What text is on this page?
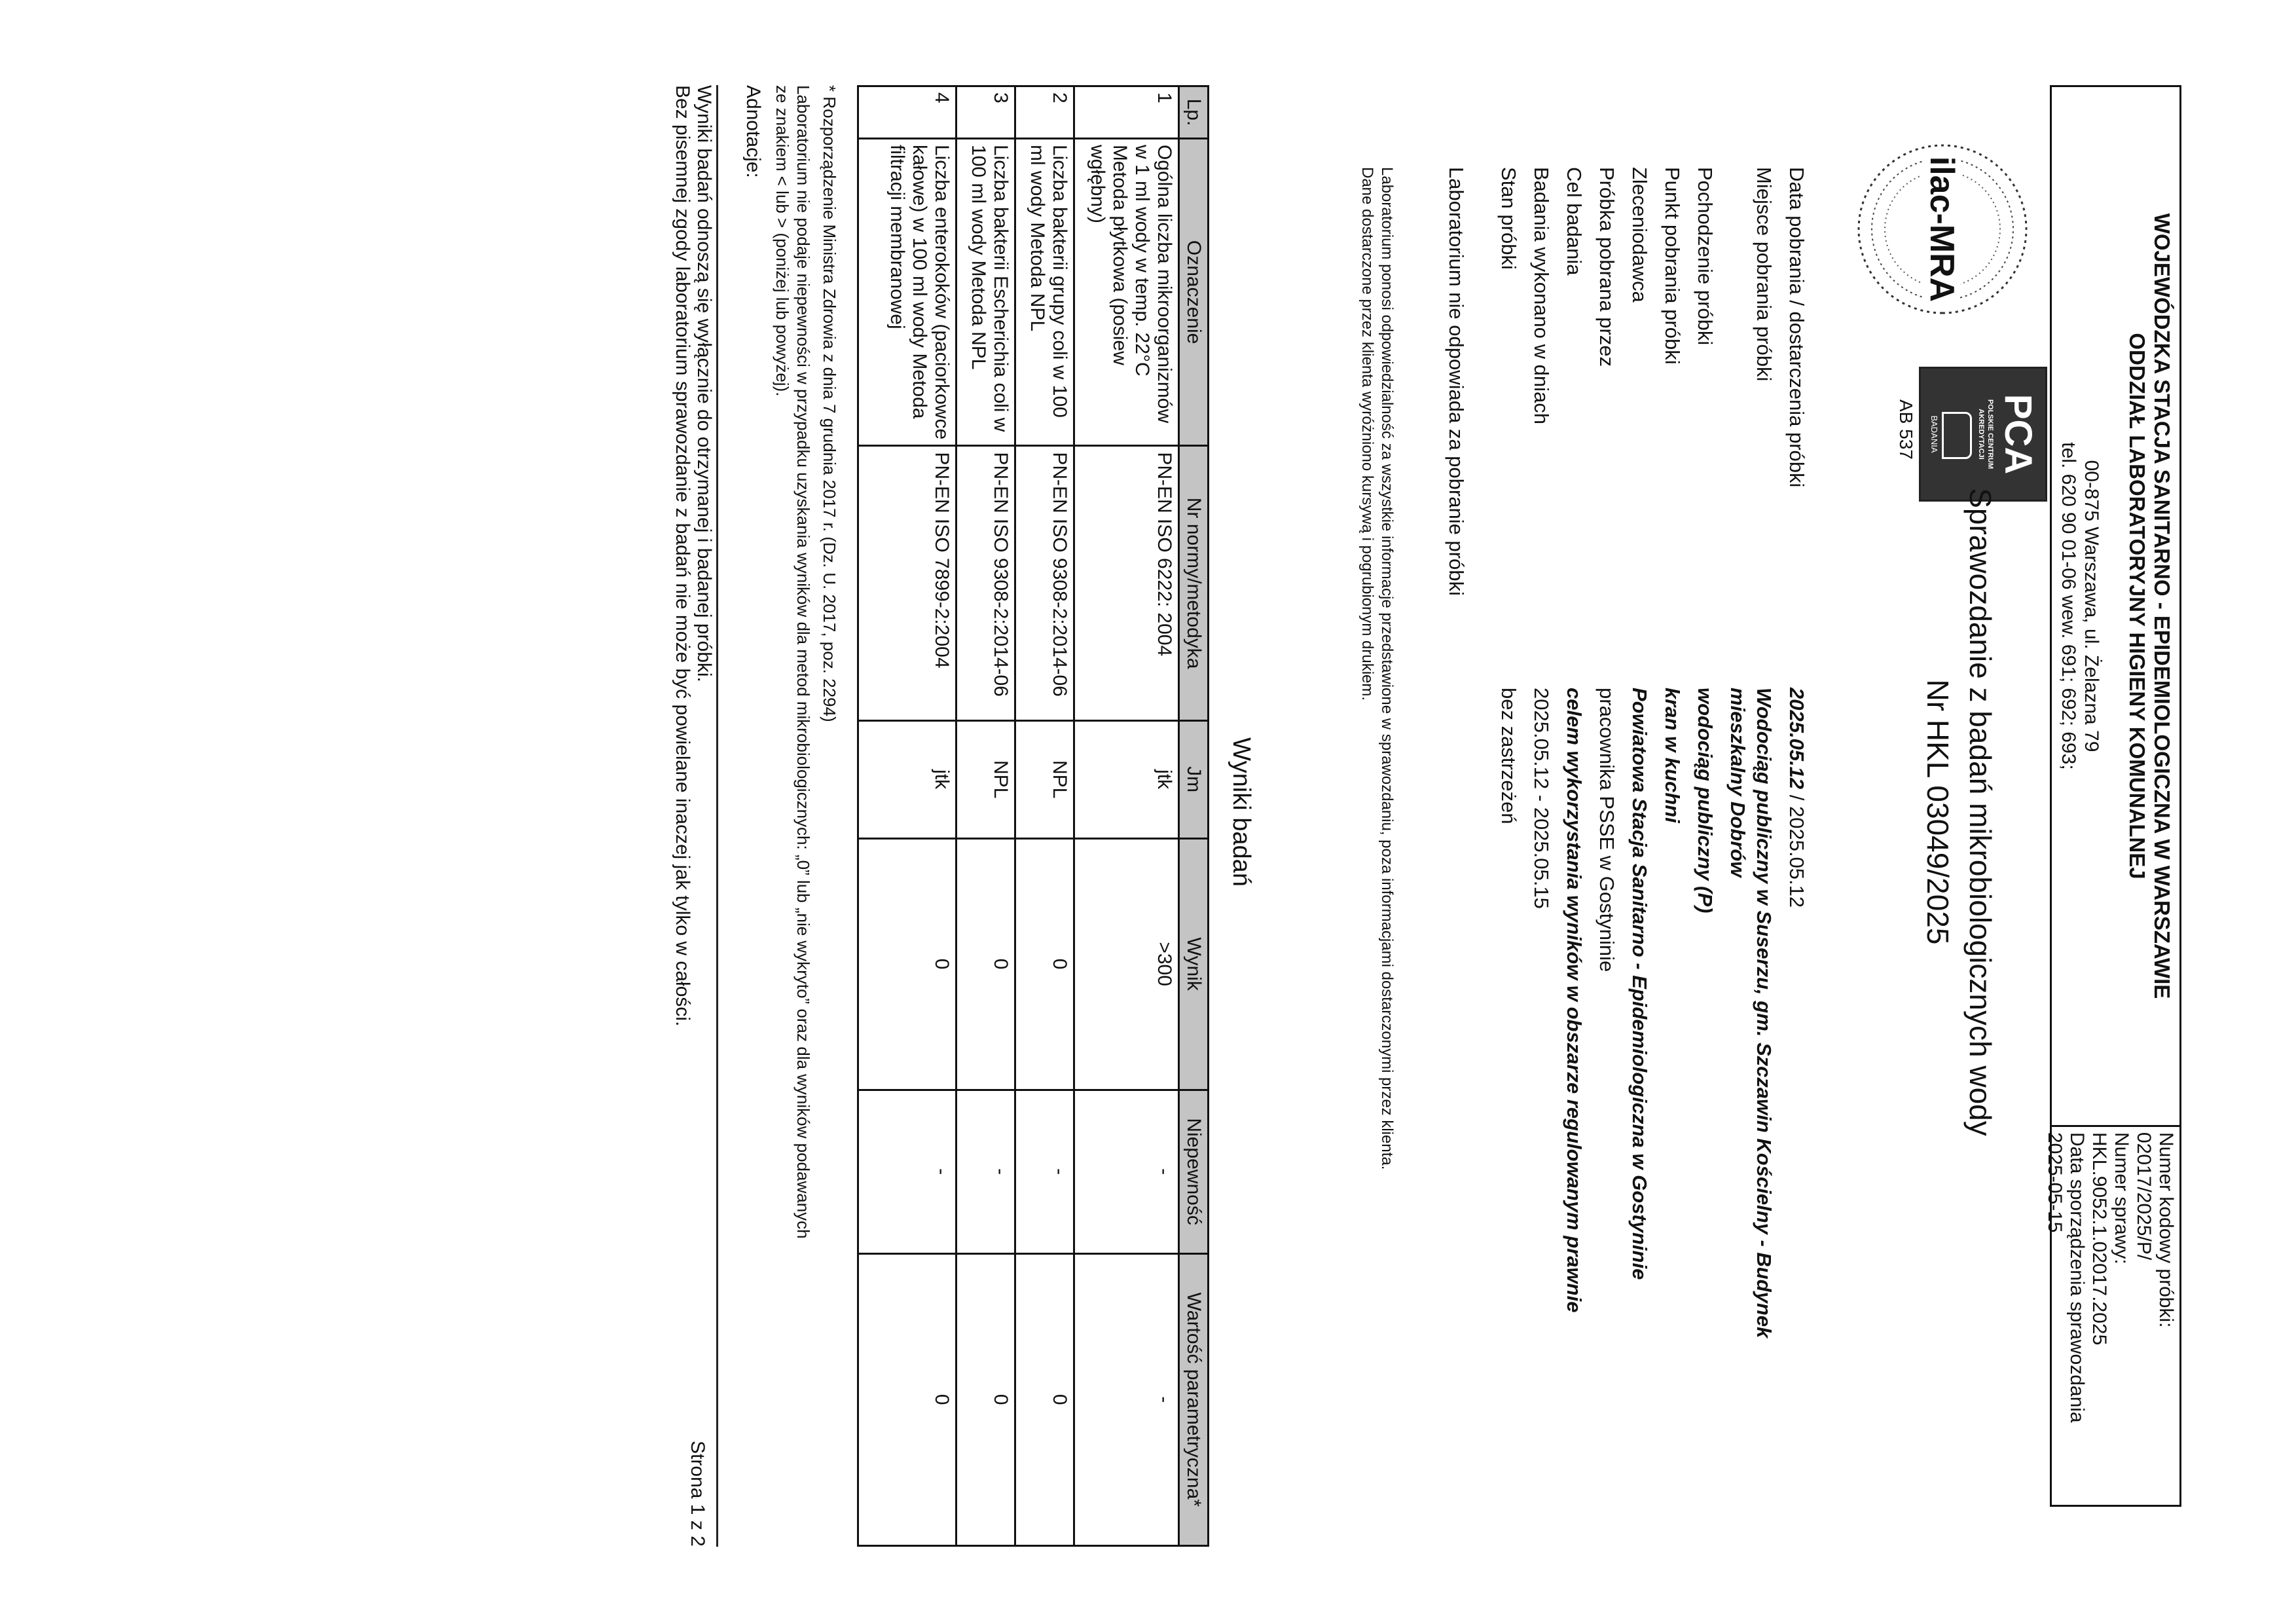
WOJEWÓDZKA STACJA SANITARNO - EPIDEMIOLOGICZNA W WARSZAWIE
ODDZIAŁ LABORATORYJNY HIGIENY KOMUNALNEJ
00-875 Warszawa, ul. Żelazna 79
tel. 620 90 01-06 wew. 691; 692; 693;
Numer kodowy próbki:
02017/2025/P/
Numer sprawy:
HKL.9052.1.02017.2025
Data sporządzenia sprawozdania
2025-05-15
ilac-MRA
PCA
POLSKIE CENTRUM
AKREDYTACJI
BADANIA
AB 537
Sprawozdanie z badań mikrobiologicznych wody
Nr HKL 03049/2025
Data pobrania / dostarczenia próbki
2025.05.12 / 2025.05.12
Miejsce pobrania próbki
Wodociąg publiczny w Suserzu, gm. Szczawin Kościelny - Budynek
mieszkalny Dobrów
Pochodzenie próbki
wodociąg publiczny (P)
Punkt pobrania próbki
kran w kuchni
Zleceniodawca
Powiatowa Stacja Sanitarno - Epidemiologiczna w Gostyninie
Próbka pobrana przez
pracownika PSSE w Gostyninie
Cel badania
celem wykorzystania wyników w obszarze regulowanym prawnie
Badania wykonano w dniach
2025.05.12 - 2025.05.15
Stan próbki
bez zastrzeżeń
Laboratorium nie odpowiada za pobranie próbki
Laboratorium ponosi odpowiedzialność za wszystkie informacje przedstawione w sprawozdaniu, poza informacjami dostarczonymi przez klienta.
Dane dostarczone przez klienta wyróżniono kursywą i pogrubionym drukiem.
Wyniki badań
Lp.	Oznaczenie	Nr normy/metodyka	Jm	Wynik	Niepewność	Wartość parametryczna*
1	Ogólna liczba mikroorganizmów w 1 ml wody w temp. 22°C Metoda płytkowa (posiew wgłębny)	PN-EN ISO 6222: 2004	jtk	>300	-	-
2	Liczba bakterii grupy coli w 100 ml wody Metoda NPL	PN-EN ISO 9308-2:2014-06	NPL	0	-	0
3	Liczba bakterii Escherichia coli w 100 ml wody Metoda NPL	PN-EN ISO 9308-2:2014-06	NPL	0	-	0
4	Liczba enterokoków (paciorkowce kałowe) w 100 ml wody Metoda filtracji membranowej	PN-EN ISO 7899-2:2004	jtk	0	-	0
* Rozporządzenie Ministra Zdrowia z dnia 7 grudnia 2017 r. (Dz. U. 2017, poz. 2294)
Laboratorium nie podaje niepewności w przypadku uzyskania wyników dla metod mikrobiologicznych: „0” lub „nie wykryto” oraz dla wyników podawanych
ze znakiem < lub > (poniżej lub powyżej).
Adnotacje:
Wyniki badań odnoszą się wyłącznie do otrzymanej i badanej próbki.
Bez pisemnej zgody laboratorium sprawozdanie z badań nie może być powielane inaczej jak tylko w całości.
Strona 1 z 2
